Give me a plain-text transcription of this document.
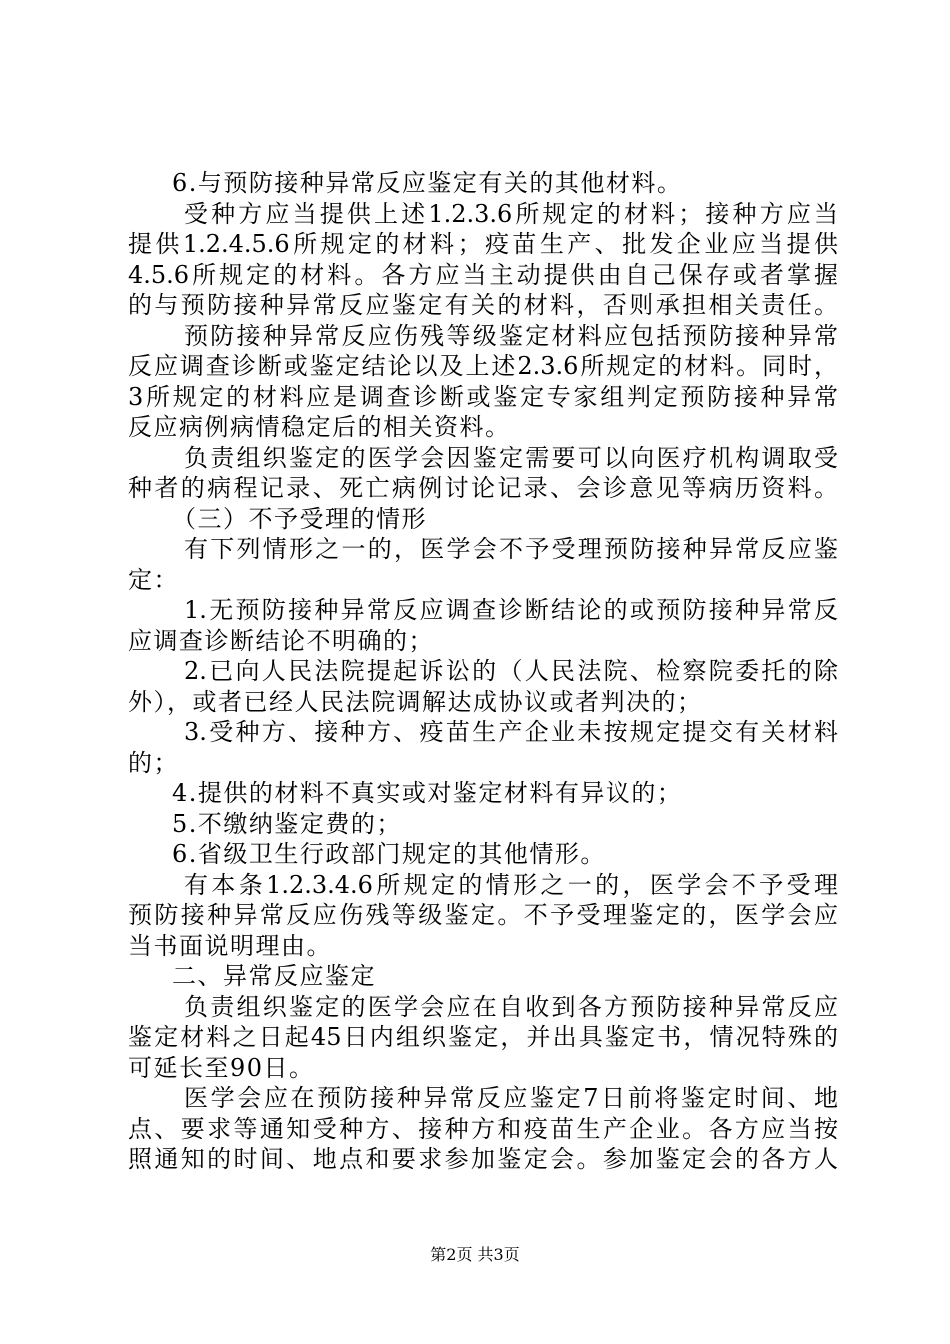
6.与预防接种异常反应鉴定有关的其他材料。
受种方应当提供上述1.2.3.6所规定的材料；接种方应当
提供1.2.4.5.6所规定的材料；疫苗生产、批发企业应当提供
4.5.6所规定的材料。各方应当主动提供由自己保存或者掌握
的与预防接种异常反应鉴定有关的材料，否则承担相关责任。
预防接种异常反应伤残等级鉴定材料应包括预防接种异常
反应调查诊断或鉴定结论以及上述2.3.6所规定的材料。同时，
3所规定的材料应是调查诊断或鉴定专家组判定预防接种异常
反应病例病情稳定后的相关资料。
负责组织鉴定的医学会因鉴定需要可以向医疗机构调取受
种者的病程记录、死亡病例讨论记录、会诊意见等病历资料。
（三）不予受理的情形
有下列情形之一的，医学会不予受理预防接种异常反应鉴
定：
1.无预防接种异常反应调查诊断结论的或预防接种异常反
应调查诊断结论不明确的；
2.已向人民法院提起诉讼的（人民法院、检察院委托的除
外），或者已经人民法院调解达成协议或者判决的；
3.受种方、接种方、疫苗生产企业未按规定提交有关材料
的；
4.提供的材料不真实或对鉴定材料有异议的；
5.不缴纳鉴定费的；
6.省级卫生行政部门规定的其他情形。
有本条1.2.3.4.6所规定的情形之一的，医学会不予受理
预防接种异常反应伤残等级鉴定。不予受理鉴定的，医学会应
当书面说明理由。
二、异常反应鉴定
负责组织鉴定的医学会应在自收到各方预防接种异常反应
鉴定材料之日起45日内组织鉴定，并出具鉴定书，情况特殊的
可延长至90日。
医学会应在预防接种异常反应鉴定7日前将鉴定时间、地
点、要求等通知受种方、接种方和疫苗生产企业。各方应当按
照通知的时间、地点和要求参加鉴定会。参加鉴定会的各方人
第2页 共3页
